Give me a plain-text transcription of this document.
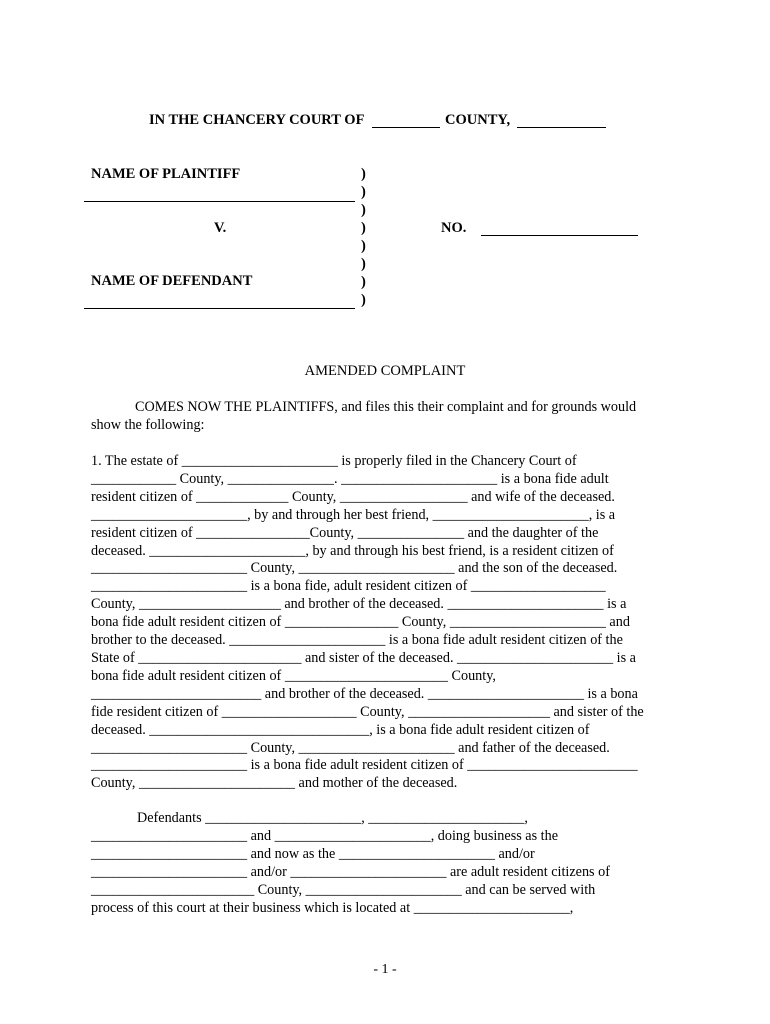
IN THE CHANCERY COURT OF	COUNTY,
NAME OF PLAINTIFF
V.
NAME OF DEFENDANT
)
)
)
)
)
)
)
)
NO.
AMENDED COMPLAINT
COMES NOW THE PLAINTIFFS, and files this their complaint and for grounds would
show the following:
1. The estate of ______________________ is properly filed in the Chancery Court of
____________ County, _______________. ______________________ is a bona fide adult
resident citizen of _____________ County, __________________ and wife of the deceased.
______________________, by and through her best friend, ______________________, is a
resident citizen of ________________County, _______________ and the daughter of the
deceased. ______________________, by and through his best friend, is a resident citizen of
______________________ County, ______________________ and the son of the deceased.
______________________ is a bona fide, adult resident citizen of ___________________
County, ____________________ and brother of the deceased. ______________________ is a
bona fide adult resident citizen of ________________ County, ______________________ and
brother to the deceased. ______________________ is a bona fide adult resident citizen of the
State of _______________________ and sister of the deceased. ______________________ is a
bona fide adult resident citizen of _______________________ County,
________________________ and brother of the deceased. ______________________ is a bona
fide resident citizen of ___________________ County, ____________________ and sister of the
deceased. _______________________________, is a bona fide adult resident citizen of
______________________ County, ______________________ and father of the deceased.
______________________ is a bona fide adult resident citizen of ________________________
County, ______________________ and mother of the deceased.
Defendants ______________________, ______________________,
______________________ and ______________________, doing business as the
______________________ and now as the ______________________ and/or
______________________ and/or ______________________ are adult resident citizens of
_______________________ County, ______________________ and can be served with
process of this court at their business which is located at ______________________,
- 1 -
